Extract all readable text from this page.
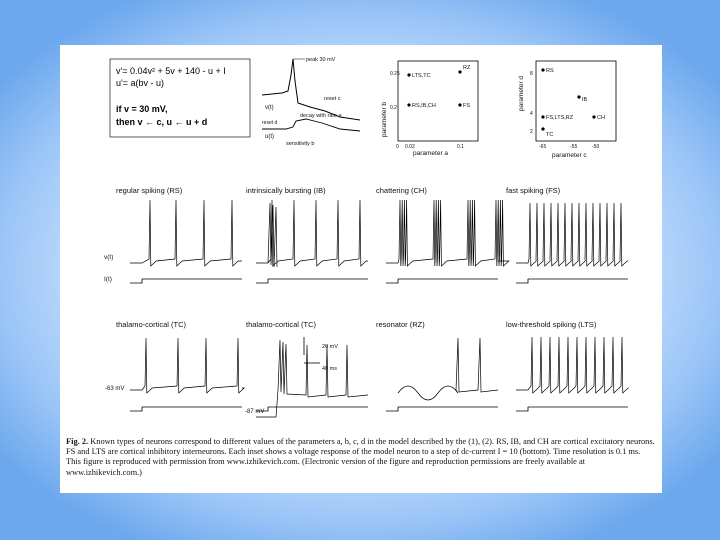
v'= 0.04v² + 5v + 140 - u + I
u'= a(bv - u)
if v = 30 mV,
then v ← c, u ← u + d
peak 30 mV
reset c
decay with rate a
sensitivity b
reset d
v(t)
u(t)	parameter b
parameter a
0.2
0.25
0 0.02	0.1
LTS,TC
RZ
RS,IB,CH	FS	parameter d
parameter c
2
4
8
-65	-55	-50
RS
IB
FS,LTS,RZ	CH
TC
regular spiking (RS)	intrinsically bursting (IB)	chattering (CH)	fast spiking (FS)
thalamo-cortical (TC)	thalamo-cortical (TC)	resonator (RZ)	low-threshold spiking (LTS)
v(t)
I(t)
-63 mV
-87 mV
20 mV
40 ms
Fig. 2. Known types of neurons correspond to different values of the parameters a, b, c, d in the model described by the (1), (2). RS, IB, and CH are cortical excitatory neurons. FS and LTS are cortical inhibitory interneurons. Each inset shows a voltage response of the model neuron to a step of dc-current I = 10 (bottom). Time resolution is 0.1 ms. This figure is reproduced with permission from www.izhikevich.com. (Electronic version of the figure and reproduction permissions are freely available at www.izhikevich.com.)
